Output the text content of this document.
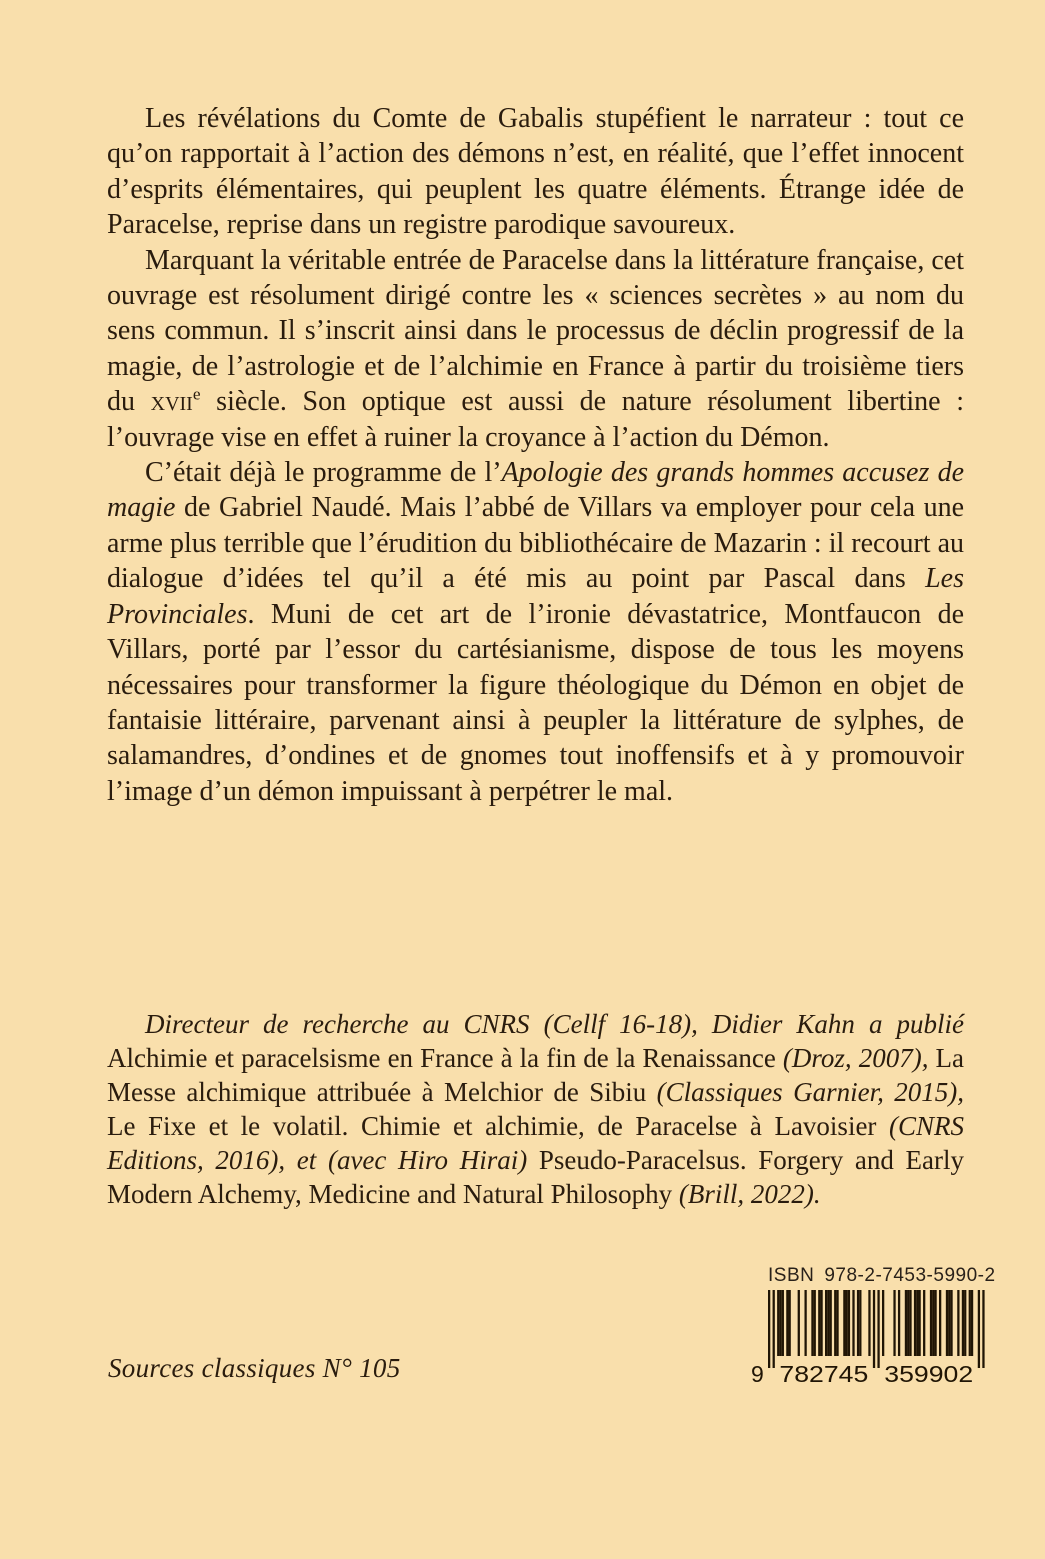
Les révélations du Comte de Gabalis stupéfient le narrateur : tout ce qu’on rapportait à l’action des démons n’est, en réalité, que l’effet innocent d’esprits élémentaires, qui peuplent les quatre éléments. Étrange idée de Paracelse, reprise dans un registre parodique savoureux.

Marquant la véritable entrée de Paracelse dans la littérature française, cet ouvrage est résolument dirigé contre les « sciences secrètes » au nom du sens commun. Il s’inscrit ainsi dans le processus de déclin progressif de la magie, de l’astrologie et de l’alchimie en France à partir du troisième tiers du xvii$^e$ siècle. Son optique est aussi de nature résolument libertine : l’ouvrage vise en effet à ruiner la croyance à l’action du Démon.

C’était déjà le programme de l’Apologie des grands hommes accusez de magie de Gabriel Naudé. Mais l’abbé de Villars va employer pour cela une arme plus terrible que l’érudition du bibliothécaire de Mazarin : il recourt au dialogue d’idées tel qu’il a été mis au point par Pascal dans Les Provinciales. Muni de cet art de l’ironie dévastatrice, Montfaucon de Villars, porté par l’essor du cartésianisme, dispose de tous les moyens nécessaires pour transformer la figure théologique du Démon en objet de fantaisie littéraire, parvenant ainsi à peupler la littérature de sylphes, de salamandres, d’ondines et de gnomes tout inoffensifs et à y promouvoir l’image d’un démon impuissant à perpétrer le mal.

Directeur de recherche au CNRS (Cellf 16-18), Didier Kahn a publié Alchimie et paracelsisme en France à la fin de la Renaissance (Droz, 2007), La Messe alchimique attribuée à Melchior de Sibiu (Classiques Garnier, 2015), Le Fixe et le volatil. Chimie et alchimie, de Paracelse à Lavoisier (CNRS Editions, 2016), et (avec Hiro Hirai) Pseudo-Paracelsus. Forgery and Early Modern Alchemy, Medicine and Natural Philosophy (Brill, 2022).

Sources classiques N° 105
ISBN 978-2-7453-5990-2
9 782745 359902
